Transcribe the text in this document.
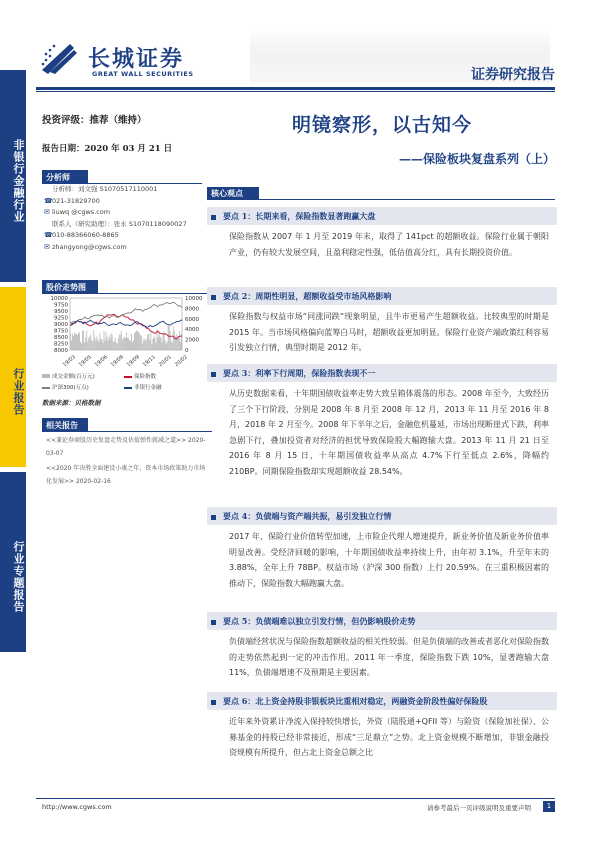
非银行金融行业
行业报告
行业专题报告
长城证券
GREAT WALL SECURITIES	证券研究报告
投资评级：推荐（维持）
报告日期：2020 年 03 月 21 日
分析师
分析师：刘文强 S1070517110001
☎021-31829700
✉ liuwq @cgws.com
联系人（研究助理）：张永 S1070118090027
☎010-88366060-8865
✉ zhangyong@cgws.com
股价走势图
10000
9750
9500
9250
9000
8750
8500
8250
8000
10000
8000
6000
4000
2000
0
19/03 19/05 19/06 19/08 19/09 19/11 20/01 20/02
成交金额(百万元)	保险指数
沪深300(万点)	非银行金融
数据来源：贝格数据
相关报告
<<兼论券商股历史复盘走势及估值弹性就减之道>> 2020-03-07
<<2020 年决胜全面建设小康之年，资本市场政策助力市场化发展>> 2020-02-16
明镜察形，以古知今
——保险板块复盘系列（上）
核心观点
要点 1：长期来看，保险指数显著跑赢大盘
保险指数从 2007 年 1 月至 2019 年末，取得了 141pct 的超额收益。保险行业属于朝阳产业，仍有较大发展空间，且盈利稳定性强，低估值高分红，具有长期投资价值。
要点 2：周期性明显，超额收益受市场风格影响
保险指数与权益市场“同涨同跌”现象明显，且牛市更易产生超额收益。比较典型的时期是 2015 年。当市场风格偏向蓝筹白马时，超额收益更加明显。保险行业资产端政策红利容易引发独立行情，典型时期是 2012 年。
要点 3：利率下行周期，保险指数表现不一
从历史数据来看，十年期国债收益率走势大致呈箱体震荡的形态。2008 年至今，大致经历了三个下行阶段，分别是 2008 年 8 月至 2008 年 12 月，2013 年 11 月至 2016 年 8 月，2018 年 2 月至今。2008 年下半年之后，金融危机蔓延，市场出现断崖式下跌，利率急剧下行，叠加投资者对经济的担忧导致保险股大幅跑输大盘。2013 年 11 月 21 日至 2016 年 8 月 15 日，十年期国债收益率从高点 4.7%下行至低点 2.6%，降幅约 210BP。同期保险指数却实现超额收益 28.54%。
要点 4：负债端与资产端共振，易引发独立行情
2017 年，保险行业价值转型加速，上市险企代理人增速提升，新业务价值及新业务价值率明显改善。受经济回暖的影响，十年期国债收益率持续上升，由年初 3.1%，升至年末的 3.88%，全年上升 78BP。权益市场（沪深 300 指数）上行 20.59%。在三重积极因素的推动下，保险指数大幅跑赢大盘。
要点 5：负债端难以独立引发行情，但仍影响股价走势
负债端经营状况与保险指数超额收益的相关性较弱。但是负债端的改善或者恶化对保险指数的走势依然起到一定的冲击作用。2011 年一季度，保险指数下跌 10%，显著跑输大盘 11%，负债端增速不及预期是主要因素。
要点 6：北上资金持股非银板块比重相对稳定，两融资金阶段性偏好保险股
近年来外资累计净流入保持较快增长，外资（陆股通+QFII 等）与险资（保险加社保）、公募基金的持股已经非常接近，形成“三足鼎立”之势。北上资金规模不断增加，非银金融投资规模有所提升，但占北上资金总额之比
http://www.cgws.com	请参考最后一页评级说明及重要声明	1
